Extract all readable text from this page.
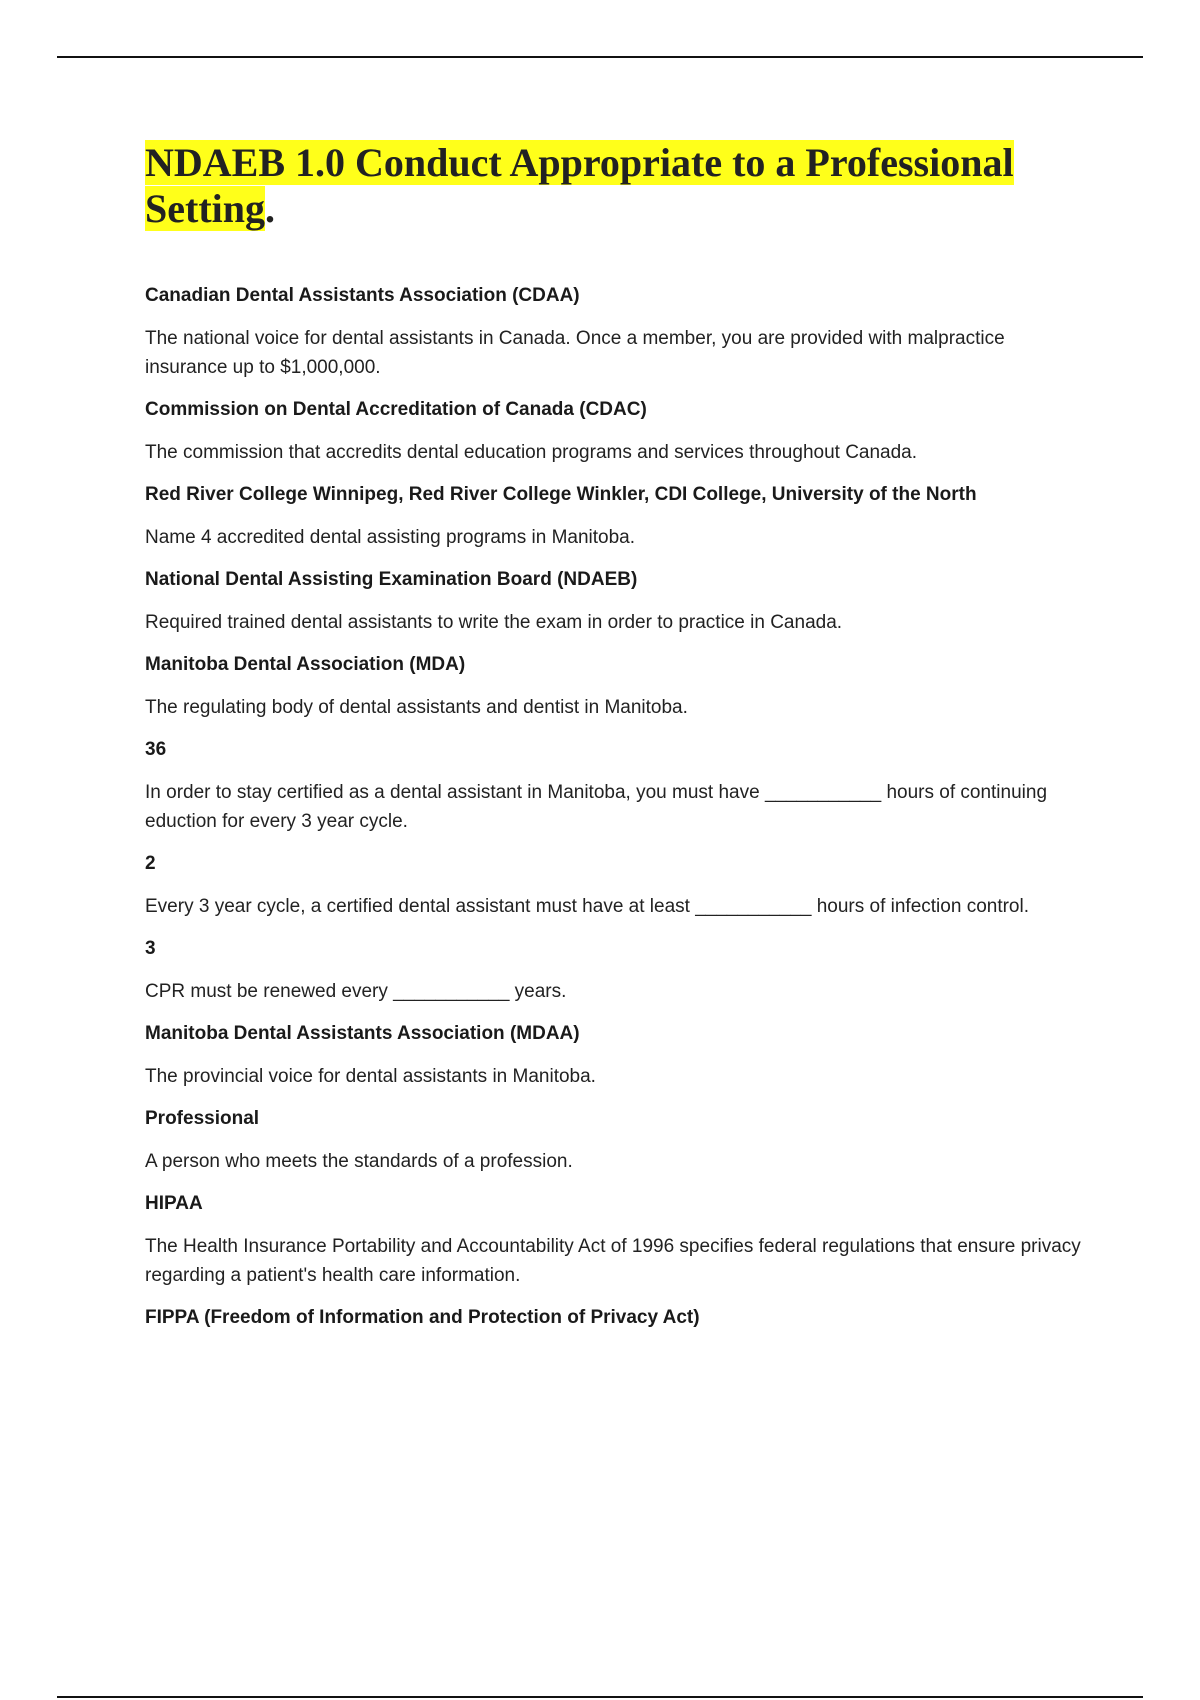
NDAEB 1.0 Conduct Appropriate to a Professional
Setting.

Canadian Dental Assistants Association (CDAA)

The national voice for dental assistants in Canada. Once a member, you are provided with malpractice insurance up to $1,000,000.

Commission on Dental Accreditation of Canada (CDAC)

The commission that accredits dental education programs and services throughout Canada.

Red River College Winnipeg, Red River College Winkler, CDI College, University of the North

Name 4 accredited dental assisting programs in Manitoba.

National Dental Assisting Examination Board (NDAEB)

Required trained dental assistants to write the exam in order to practice in Canada.

Manitoba Dental Association (MDA)

The regulating body of dental assistants and dentist in Manitoba.

36

In order to stay certified as a dental assistant in Manitoba, you must have ___________ hours of continuing eduction for every 3 year cycle.

2

Every 3 year cycle, a certified dental assistant must have at least ___________ hours of infection control.

3

CPR must be renewed every ___________ years.

Manitoba Dental Assistants Association (MDAA)

The provincial voice for dental assistants in Manitoba.

Professional

A person who meets the standards of a profession.

HIPAA

The Health Insurance Portability and Accountability Act of 1996 specifies federal regulations that ensure privacy regarding a patient's health care information.

FIPPA (Freedom of Information and Protection of Privacy Act)
